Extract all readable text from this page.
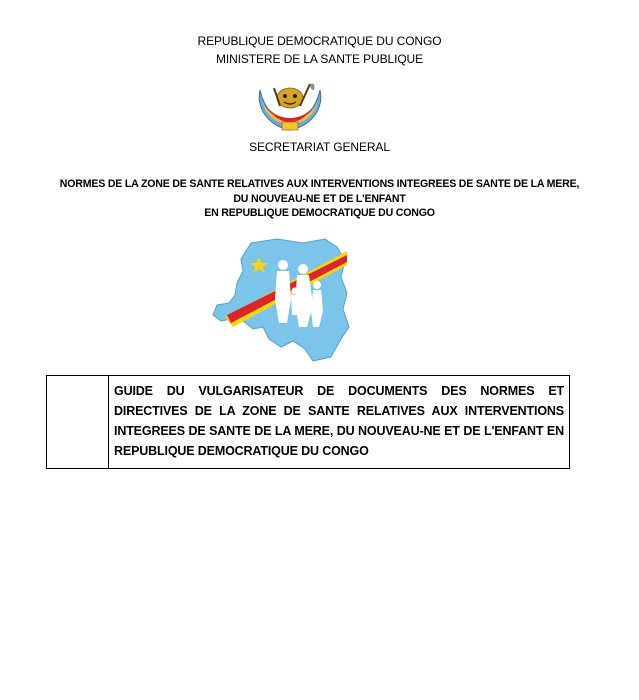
REPUBLIQUE DEMOCRATIQUE DU CONGO
MINISTERE DE LA SANTE PUBLIQUE
SECRETARIAT GENERAL
NORMES DE LA ZONE DE SANTE RELATIVES AUX INTERVENTIONS INTEGREES DE SANTE DE LA MERE,
DU NOUVEAU-NE ET DE L'ENFANT
EN REPUBLIQUE DEMOCRATIQUE DU CONGO
GUIDE DU VULGARISATEUR DE DOCUMENTS DES NORMES ET DIRECTIVES DE LA ZONE DE SANTE RELATIVES AUX INTERVENTIONS INTEGREES DE SANTE DE LA MERE, DU NOUVEAU-NE ET DE L'ENFANT EN REPUBLIQUE DEMOCRATIQUE DU CONGO
